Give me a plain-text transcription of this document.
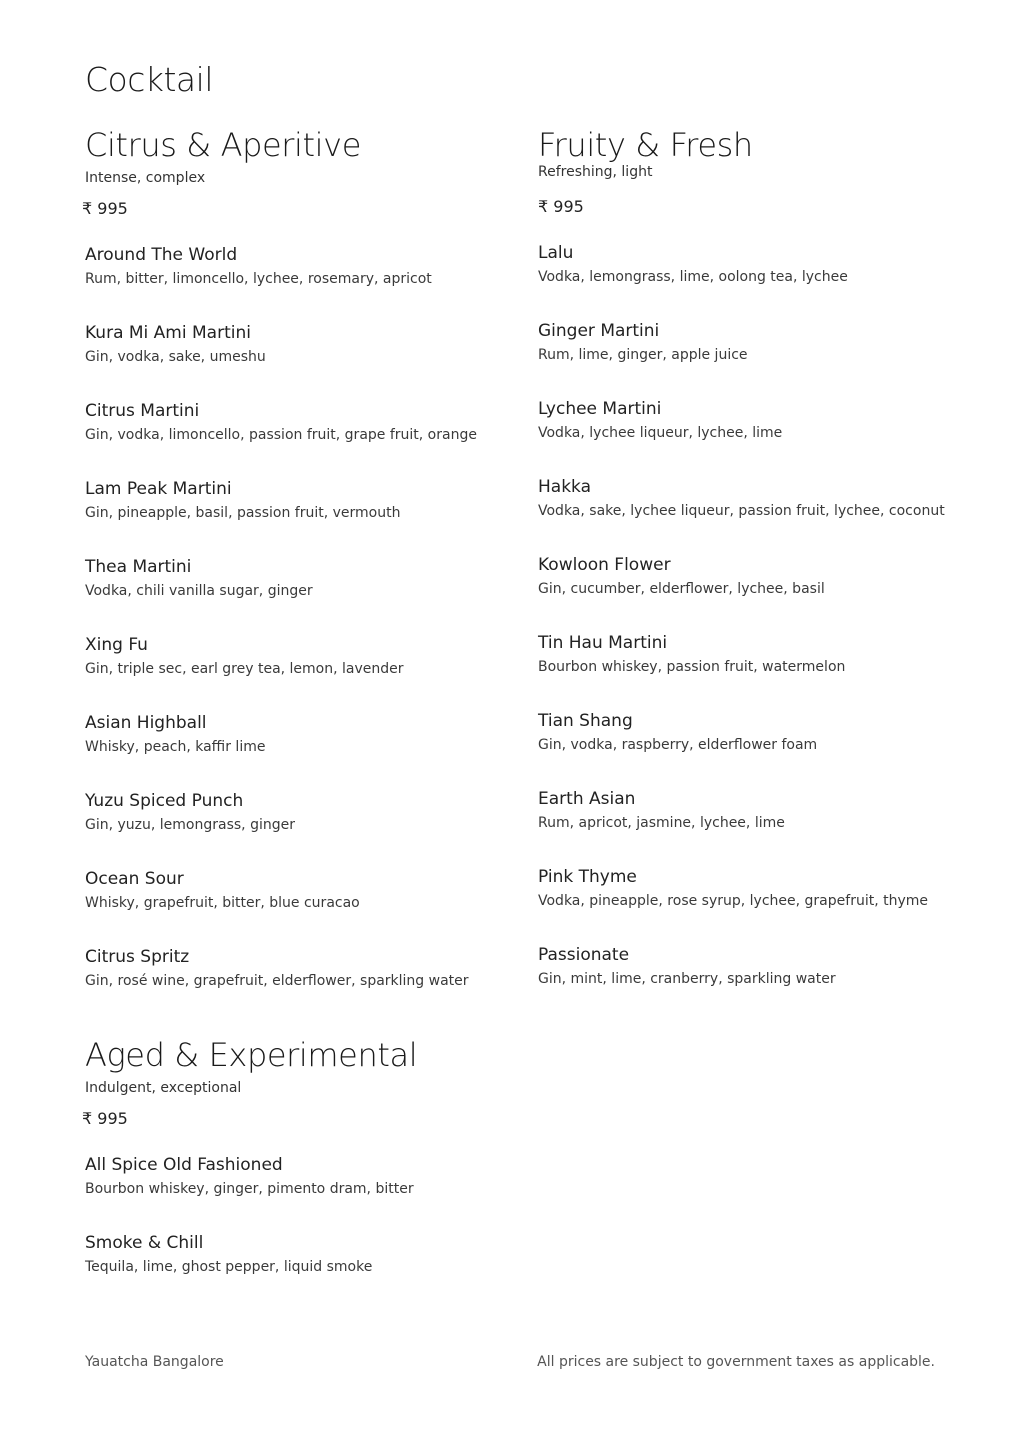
Cocktail
Citrus & Aperitive
Intense, complex
₹ 995
Around The World
Rum, bitter, limoncello, lychee, rosemary, apricot
Kura Mi Ami Martini
Gin, vodka, sake, umeshu
Citrus Martini
Gin, vodka, limoncello, passion fruit, grape fruit, orange
Lam Peak Martini
Gin, pineapple, basil, passion fruit, vermouth
Thea Martini
Vodka, chili vanilla sugar, ginger
Xing Fu
Gin, triple sec, earl grey tea, lemon, lavender
Asian Highball
Whisky, peach, kaffir lime
Yuzu Spiced Punch
Gin, yuzu, lemongrass, ginger
Ocean Sour
Whisky, grapefruit, bitter, blue curacao
Citrus Spritz
Gin, rosé wine, grapefruit, elderflower, sparkling water
Fruity & Fresh
Refreshing, light
₹ 995
Lalu
Vodka, lemongrass, lime, oolong tea, lychee
Ginger Martini
Rum, lime, ginger, apple juice
Lychee Martini
Vodka, lychee liqueur, lychee, lime
Hakka
Vodka, sake, lychee liqueur, passion fruit, lychee, coconut
Kowloon Flower
Gin, cucumber, elderflower, lychee, basil
Tin Hau Martini
Bourbon whiskey, passion fruit, watermelon
Tian Shang
Gin, vodka, raspberry, elderflower foam
Earth Asian
Rum, apricot, jasmine, lychee, lime
Pink Thyme
Vodka, pineapple, rose syrup, lychee, grapefruit, thyme
Passionate
Gin, mint, lime, cranberry, sparkling water
Aged & Experimental
Indulgent, exceptional
₹ 995
All Spice Old Fashioned
Bourbon whiskey, ginger, pimento dram, bitter
Smoke & Chill
Tequila, lime, ghost pepper, liquid smoke
Yauatcha Bangalore	All prices are subject to government taxes as applicable.
